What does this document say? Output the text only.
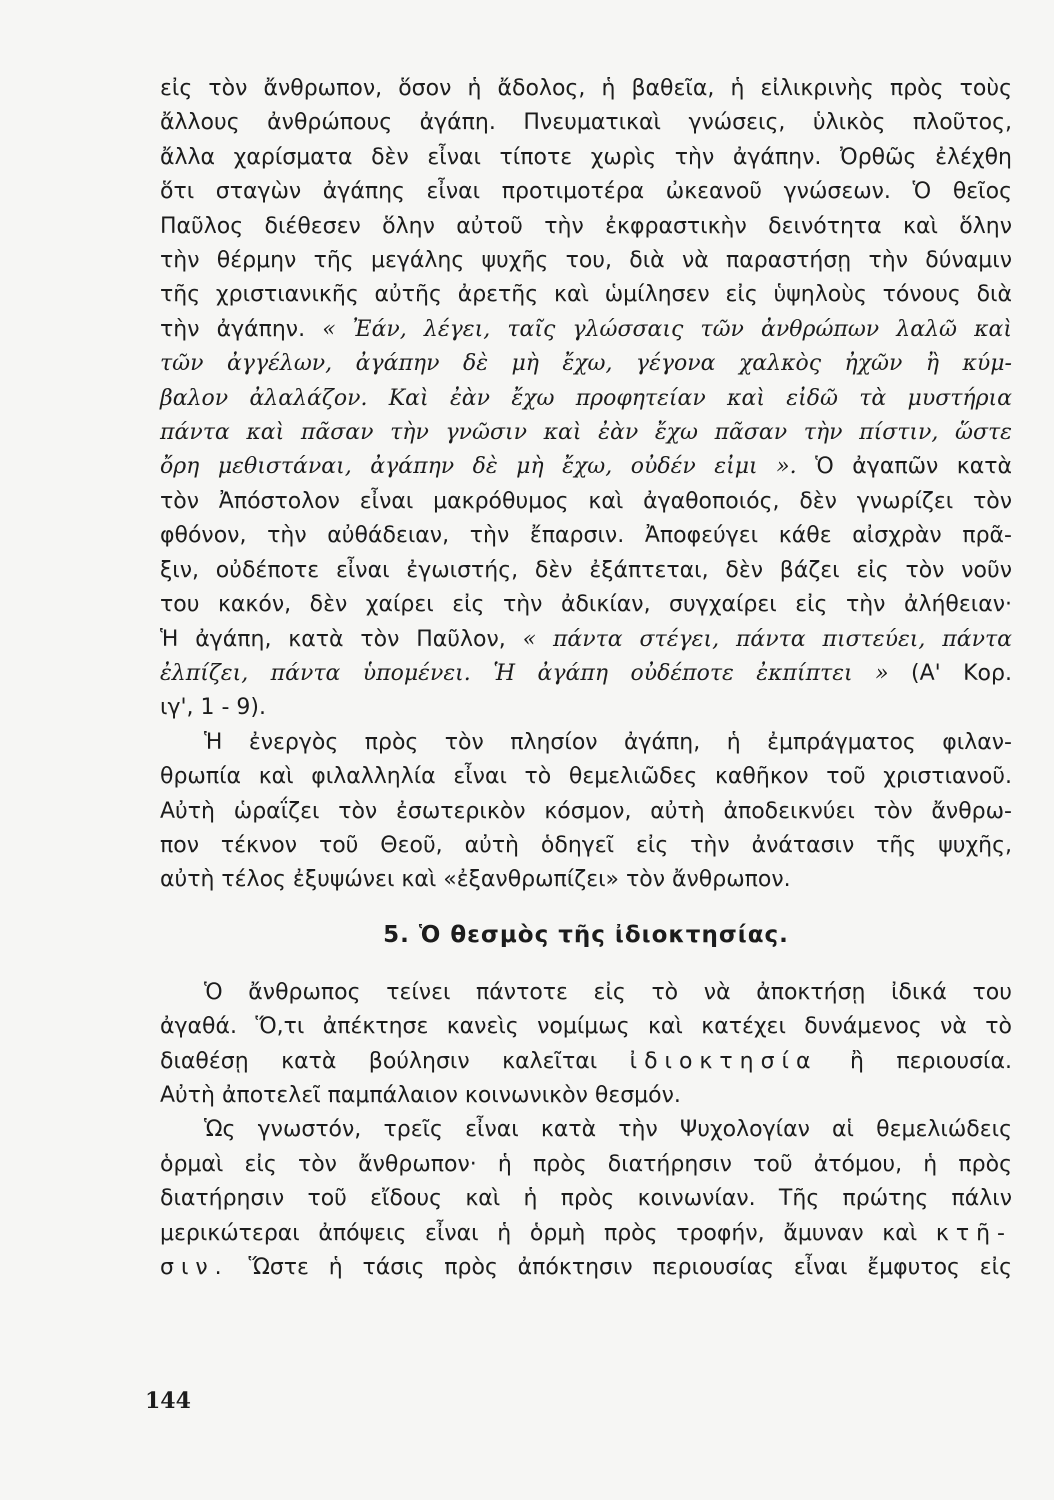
εἰς τὸν ἄνθρωπον, ὅσον ἡ ἄδολος, ἡ βαθεῖα, ἡ εἰλικρινὴς πρὸς τοὺς
ἄλλους ἀνθρώπους ἀγάπη. Πνευματικαὶ γνώσεις, ὑλικὸς πλοῦτος,
ἄλλα χαρίσματα δὲν εἶναι τίποτε χωρὶς τὴν ἀγάπην. Ὀρθῶς ἐλέχθη
ὅτι σταγὼν ἀγάπης εἶναι προτιμοτέρα ὠκεανοῦ γνώσεων. Ὁ θεῖος
Παῦλος διέθεσεν ὅλην αὐτοῦ τὴν ἐκφραστικὴν δεινότητα καὶ ὅλην
τὴν θέρμην τῆς μεγάλης ψυχῆς του, διὰ νὰ παραστήσῃ τὴν δύναμιν
τῆς χριστιανικῆς αὐτῆς ἀρετῆς καὶ ὡμίλησεν εἰς ὑψηλοὺς τόνους διὰ
τὴν ἀγάπην. « Ἐάν, λέγει, ταῖς γλώσσαις τῶν ἀνθρώπων λαλῶ καὶ
τῶν ἀγγέλων, ἀγάπην δὲ μὴ ἔχω, γέγονα χαλκὸς ἠχῶν ἢ κύμ-
βαλον ἀλαλάζον. Καὶ ἐὰν ἔχω προφητείαν καὶ εἰδῶ τὰ μυστήρια
πάντα καὶ πᾶσαν τὴν γνῶσιν καὶ ἐὰν ἔχω πᾶσαν τὴν πίστιν, ὥστε
ὄρη μεθιστάναι, ἀγάπην δὲ μὴ ἔχω, οὐδέν εἰμι ». Ὁ ἀγαπῶν κατὰ
τὸν Ἀπόστολον εἶναι μακρόθυμος καὶ ἀγαθοποιός, δὲν γνωρίζει τὸν
φθόνον, τὴν αὐθάδειαν, τὴν ἔπαρσιν. Ἀποφεύγει κάθε αἰσχρὰν πρᾶ-
ξιν, οὐδέποτε εἶναι ἐγωιστής, δὲν ἐξάπτεται, δὲν βάζει εἰς τὸν νοῦν
του κακόν, δὲν χαίρει εἰς τὴν ἀδικίαν, συγχαίρει εἰς τὴν ἀλήθειαν·
Ἡ ἀγάπη, κατὰ τὸν Παῦλον, « πάντα στέγει, πάντα πιστεύει, πάντα
ἐλπίζει, πάντα ὑπομένει. Ἡ ἀγάπη οὐδέποτε ἐκπίπτει » (Α' Κορ.
ιγ', 1 - 9).
Ἡ ἐνεργὸς πρὸς τὸν πλησίον ἀγάπη, ἡ ἐμπράγματος φιλαν-
θρωπία καὶ φιλαλληλία εἶναι τὸ θεμελιῶδες καθῆκον τοῦ χριστιανοῦ.
Αὐτὴ ὡραΐζει τὸν ἐσωτερικὸν κόσμον, αὐτὴ ἀποδεικνύει τὸν ἄνθρω-
πον τέκνον τοῦ Θεοῦ, αὐτὴ ὁδηγεῖ εἰς τὴν ἀνάτασιν τῆς ψυχῆς,
αὐτὴ τέλος ἐξυψώνει καὶ «ἐξανθρωπίζει» τὸν ἄνθρωπον.
5. Ὁ θεσμὸς τῆς ἰδιοκτησίας.
Ὁ ἄνθρωπος τείνει πάντοτε εἰς τὸ νὰ ἀποκτήσῃ ἰδικά του
ἀγαθά. Ὅ,τι ἀπέκτησε κανεὶς νομίμως καὶ κατέχει δυνάμενος νὰ τὸ
διαθέσῃ κατὰ βούλησιν καλεῖται ἰδιοκτησία ἢ περιουσία.
Αὐτὴ ἀποτελεῖ παμπάλαιον κοινωνικὸν θεσμόν.
Ὡς γνωστόν, τρεῖς εἶναι κατὰ τὴν Ψυχολογίαν αἱ θεμελιώδεις
ὁρμαὶ εἰς τὸν ἄνθρωπον· ἡ πρὸς διατήρησιν τοῦ ἀτόμου, ἡ πρὸς
διατήρησιν τοῦ εἴδους καὶ ἡ πρὸς κοινωνίαν. Τῆς πρώτης πάλιν
μερικώτεραι ἀπόψεις εἶναι ἡ ὁρμὴ πρὸς τροφήν, ἄμυναν καὶ κτῆ-
σιν. Ὥστε ἡ τάσις πρὸς ἀπόκτησιν περιουσίας εἶναι ἔμφυτος εἰς
144
